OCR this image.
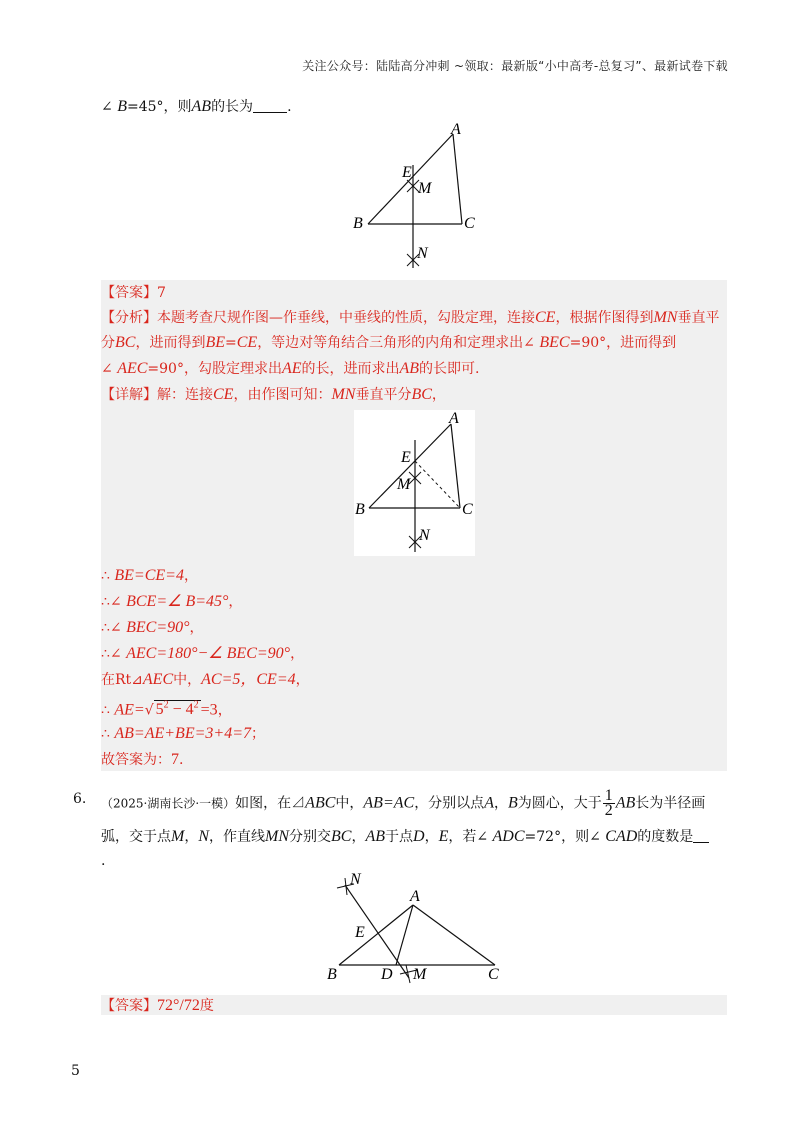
关注公众号：陆陆高分冲刺 ~领取：最新版“小中高考-总复习”、最新试卷下载
∠ B=45°，则AB的长为 .
A
E
M
B	C
N
【答案】7
【分析】本题考查尺规作图—作垂线，中垂线的性质，勾股定理，连接CE，根据作图得到MN垂直平
分BC，进而得到BE=CE，等边对等角结合三角形的内角和定理求出∠ BEC=90°，进而得到
∠ AEC=90°，勾股定理求出AE的长，进而求出AB的长即可.
【详解】解：连接CE，由作图可知：MN垂直平分BC，
A
E
M
B	C
N
∴ BE=CE=4，
∴∠ BCE=∠ B=45°，
∴∠ BEC=90°，
∴∠ AEC=180°−∠ BEC=90°，
在Rt⊿AEC中，AC=5，CE=4，
∴ AE=√ $5^2 - 4^2 =3$，
∴ AB=AE+BE=3+4=7；
故答案为：7.
6. （2025·湖南长沙·一模）如图，在⊿ABC中，AB=AC，分别以点A，B为圆心，大于 $\frac{1}{2}$ AB长为半径画
弧，交于点M，N，作直线MN分别交BC，AB于点D，E，若∠ ADC=72°，则∠ CAD的度数是
.
N
A
E
B	D M	C
【答案】72°/72度
5
